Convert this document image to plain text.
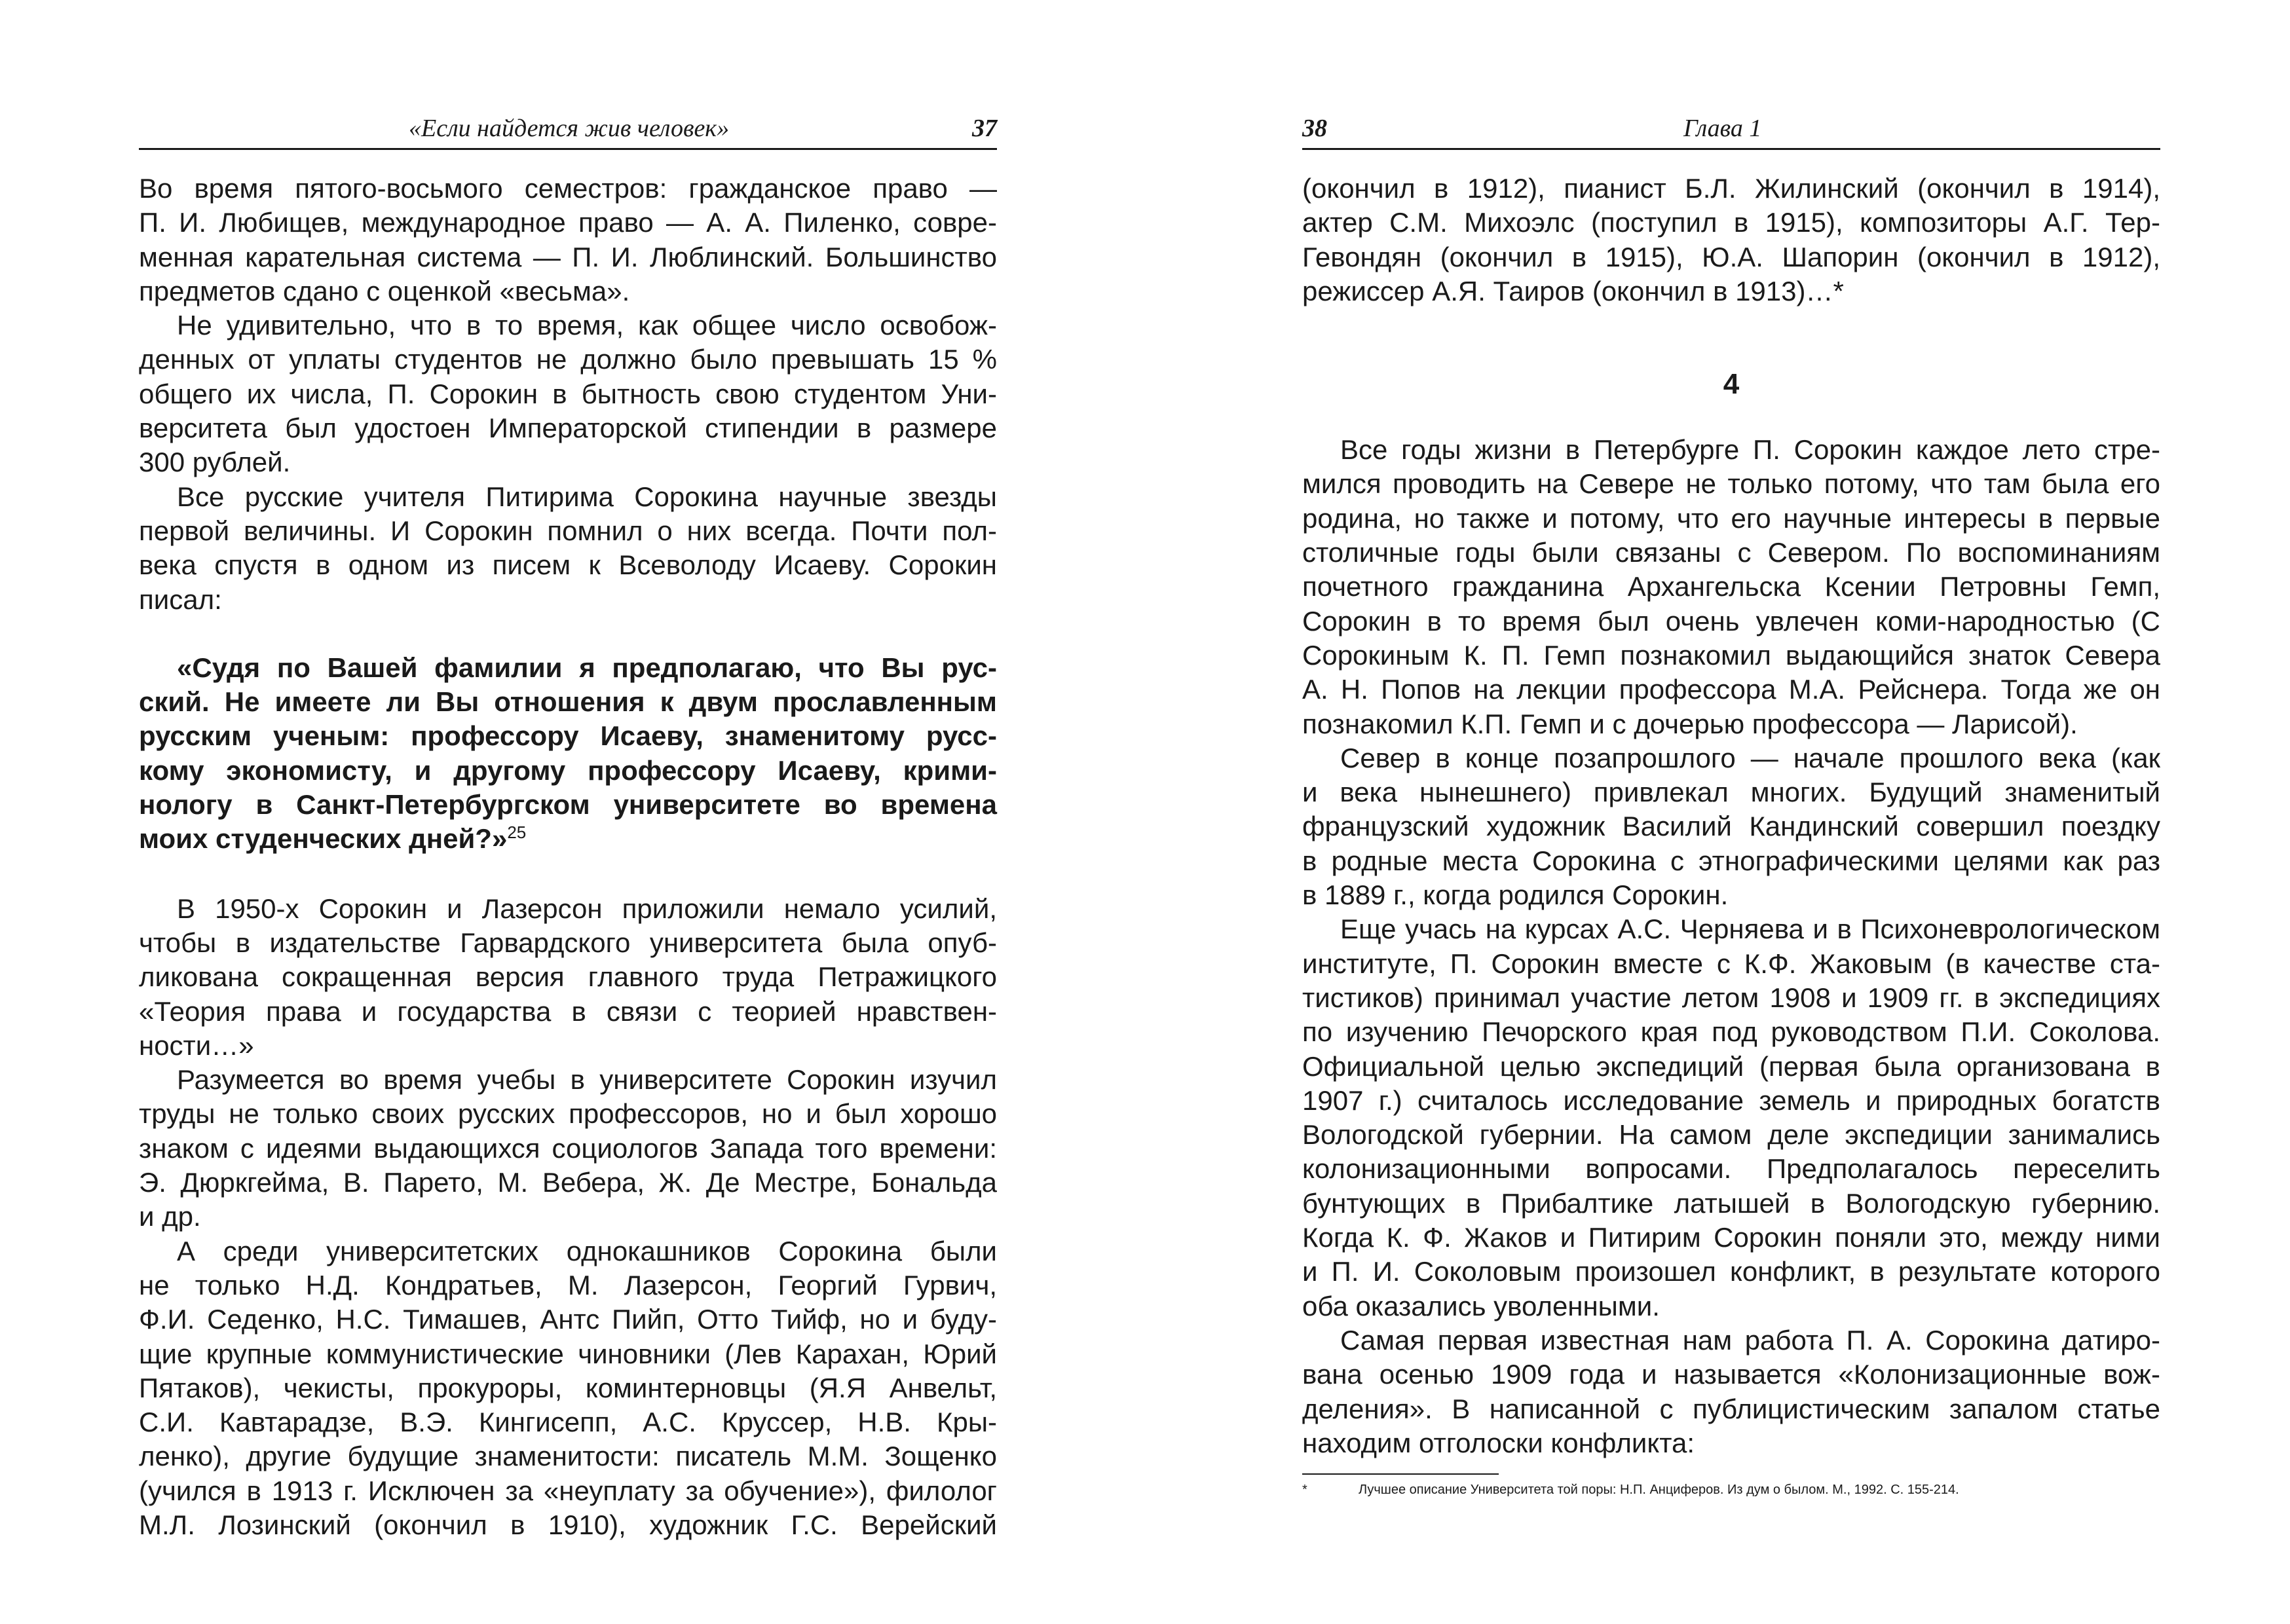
«Если найдется жив человек»	37
Во время пятого-восьмого семестров: гражданское право —
П. И. Любищев, международное право — А. А. Пиленко, совре-
менная карательная система — П. И. Люблинский. Большинство
предметов сдано с оценкой «весьма».
Не удивительно, что в то время, как общее число освобож-
денных от уплаты студентов не должно было превышать 15 %
общего их числа, П. Сорокин в бытность свою студентом Уни-
верситета был удостоен Императорской стипендии в размере
300 рублей.
Все русские учителя Питирима Сорокина научные звезды
первой величины. И Сорокин помнил о них всегда. Почти пол-
века спустя в одном из писем к Всеволоду Исаеву. Сорокин
писал:
«Судя по Вашей фамилии я предполагаю, что Вы рус-
ский. Не имеете ли Вы отношения к двум прославленным
русским ученым: профессору Исаеву, знаменитому русс-
кому экономисту, и другому профессору Исаеву, крими-
нологу в Санкт-Петербургском университете во времена
моих студенческих дней?»$^{25}$
В 1950-х Сорокин и Лазерсон приложили немало усилий,
чтобы в издательстве Гарвардского университета была опуб-
ликована сокращенная версия главного труда Петражицкого
«Теория права и государства в связи с теорией нравствен-
ности…»
Разумеется во время учебы в университете Сорокин изучил
труды не только своих русских профессоров, но и был хорошо
знаком с идеями выдающихся социологов Запада того времени:
Э. Дюркгейма, В. Парето, М. Вебера, Ж. Де Местре, Бональда
и др.
А среди университетских однокашников Сорокина были
не только Н.Д. Кондратьев, М. Лазерсон, Георгий Гурвич,
Ф.И. Седенко, Н.С. Тимашев, Антс Пийп, Отто Тийф, но и буду-
щие крупные коммунистические чиновники (Лев Карахан, Юрий
Пятаков), чекисты, прокуроры, коминтерновцы (Я.Я Анвельт,
С.И. Кавтарадзе, В.Э. Кингисепп, А.С. Круссер, Н.В. Кры-
ленко), другие будущие знаменитости: писатель М.М. Зощенко
(учился в 1913 г. Исключен за «неуплату за обучение»), филолог
М.Л. Лозинский (окончил в 1910), художник Г.С. Верейский
38	Глава 1
(окончил в 1912), пианист Б.Л. Жилинский (окончил в 1914),
актер С.М. Михоэлс (поступил в 1915), композиторы А.Г. Тер-
Гевондян (окончил в 1915), Ю.А. Шапорин (окончил в 1912),
режиссер А.Я. Таиров (окончил в 1913)…*
4
Все годы жизни в Петербурге П. Сорокин каждое лето стре-
мился проводить на Севере не только потому, что там была его
родина, но также и потому, что его научные интересы в первые
столичные годы были связаны с Севером. По воспоминаниям
почетного гражданина Архангельска Ксении Петровны Гемп,
Сорокин в то время был очень увлечен коми-народностью (С
Сорокиным К. П. Гемп познакомил выдающийся знаток Севера
А. Н. Попов на лекции профессора М.А. Рейснера. Тогда же он
познакомил К.П. Гемп и с дочерью профессора — Ларисой).
Север в конце позапрошлого — начале прошлого века (как
и века нынешнего) привлекал многих. Будущий знаменитый
французский художник Василий Кандинский совершил поездку
в родные места Сорокина с этнографическими целями как раз
в 1889 г., когда родился Сорокин.
Еще учась на курсах А.С. Черняева и в Психоневрологическом
институте, П. Сорокин вместе с К.Ф. Жаковым (в качестве ста-
тистиков) принимал участие летом 1908 и 1909 гг. в экспедициях
по изучению Печорского края под руководством П.И. Соколова.
Официальной целью экспедиций (первая была организована в
1907 г.) считалось исследование земель и природных богатств
Вологодской губернии. На самом деле экспедиции занимались
колонизационными вопросами. Предполагалось переселить
бунтующих в Прибалтике латышей в Вологодскую губернию.
Когда К. Ф. Жаков и Питирим Сорокин поняли это, между ними
и П. И. Соколовым произошел конфликт, в результате которого
оба оказались уволенными.
Самая первая известная нам работа П. А. Сорокина датиро-
вана осенью 1909 года и называется «Колонизационные вож-
деления». В написанной с публицистическим запалом статье
находим отголоски конфликта:
*	Лучшее описание Университета той поры: Н.П. Анциферов. Из дум о былом. М., 1992. С. 155-214.
